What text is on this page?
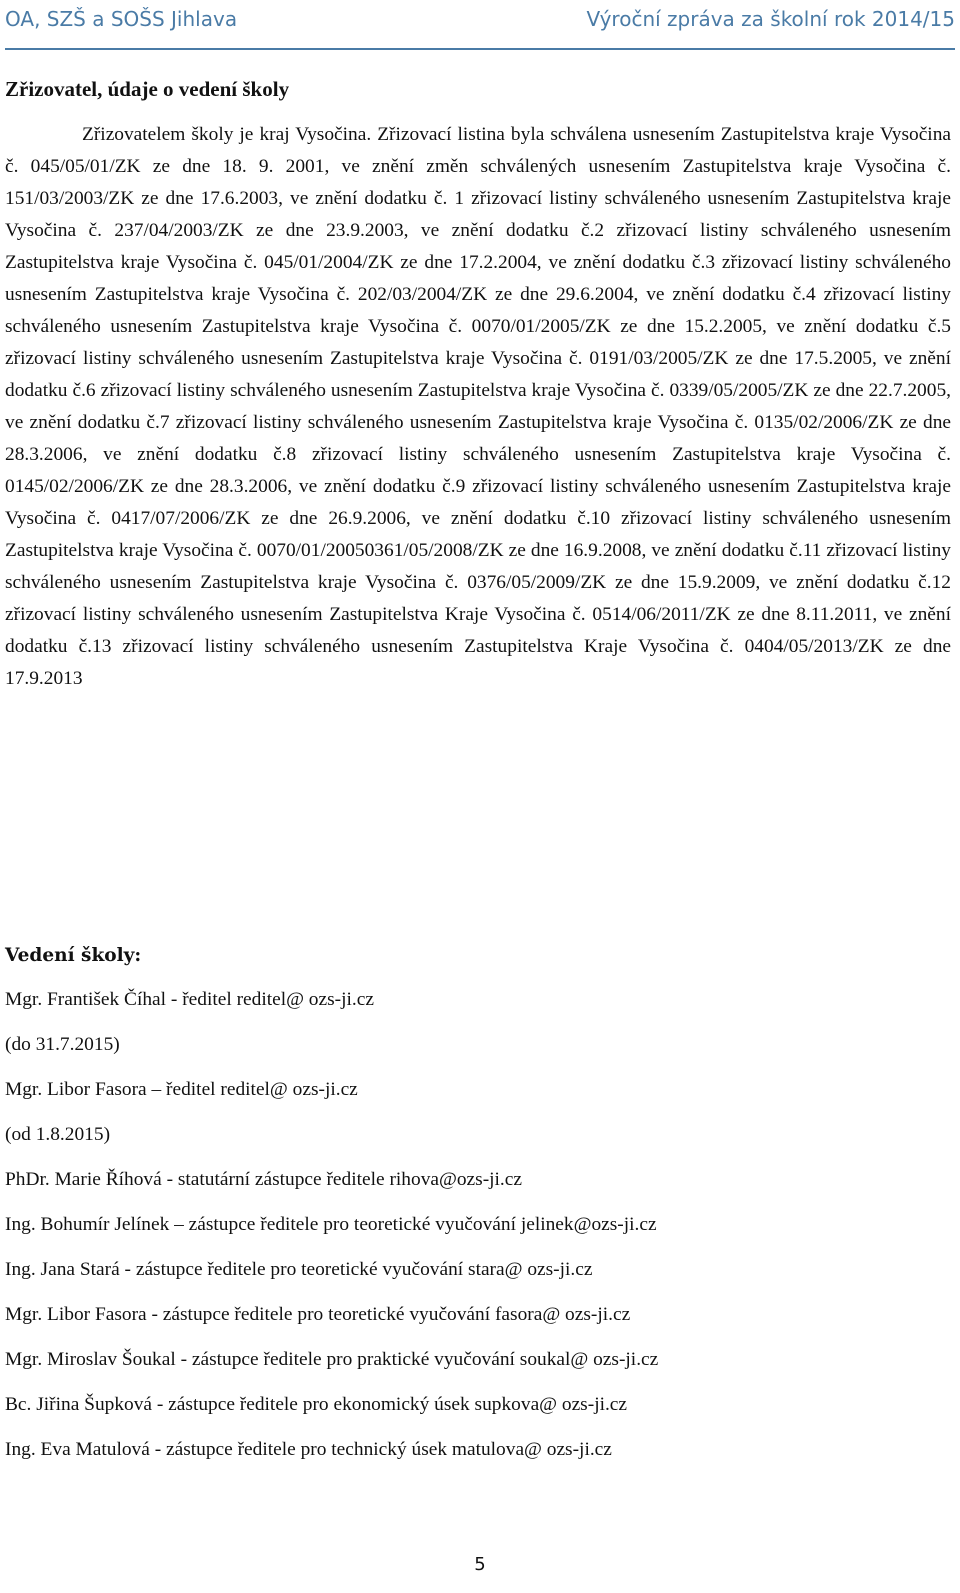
OA, SZŠ a SOŠS Jihlava	Výroční zpráva za školní rok 2014/15
Zřizovatel, údaje o vedení školy

Zřizovatelem školy je kraj Vysočina. Zřizovací listina byla schválena usnesením Zastupitelstva kraje Vysočina č. 045/05/01/ZK ze dne 18. 9. 2001, ve znění změn schválených usnesením Zastupitelstva kraje Vysočina č. 151/03/2003/ZK ze dne 17.6.2003, ve znění dodatku č. 1 zřizovací listiny schváleného usnesením Zastupitelstva kraje Vysočina č. 237/04/2003/ZK ze dne 23.9.2003, ve znění dodatku č.2 zřizovací listiny schváleného usnesením Zastupitelstva kraje Vysočina č. 045/01/2004/ZK ze dne 17.2.2004, ve znění dodatku č.3 zřizovací listiny schváleného usnesením Zastupitelstva kraje Vysočina č. 202/03/2004/ZK ze dne 29.6.2004, ve znění dodatku č.4 zřizovací listiny schváleného usnesením Zastupitelstva kraje Vysočina č. 0070/01/2005/ZK ze dne 15.2.2005, ve znění dodatku č.5 zřizovací listiny schváleného usnesením Zastupitelstva kraje Vysočina č. 0191/03/2005/ZK ze dne 17.5.2005, ve znění dodatku č.6 zřizovací listiny schváleného usnesením Zastupitelstva kraje Vysočina č. 0339/05/2005/ZK ze dne 22.7.2005, ve znění dodatku č.7 zřizovací listiny schváleného usnesením Zastupitelstva kraje Vysočina č. 0135/02/2006/ZK ze dne 28.3.2006, ve znění dodatku č.8 zřizovací listiny schváleného usnesením Zastupitelstva kraje Vysočina č. 0145/02/2006/ZK ze dne 28.3.2006, ve znění dodatku č.9 zřizovací listiny schváleného usnesením Zastupitelstva kraje Vysočina č. 0417/07/2006/ZK ze dne 26.9.2006, ve znění dodatku č.10 zřizovací listiny schváleného usnesením Zastupitelstva kraje Vysočina č. 0070/01/20050361/05/2008/ZK ze dne 16.9.2008, ve znění dodatku č.11 zřizovací listiny schváleného usnesením Zastupitelstva kraje Vysočina č. 0376/05/2009/ZK ze dne 15.9.2009, ve znění dodatku č.12 zřizovací listiny schváleného usnesením Zastupitelstva Kraje Vysočina č. 0514/06/2011/ZK ze dne 8.11.2011, ve znění dodatku č.13 zřizovací listiny schváleného usnesením Zastupitelstva Kraje Vysočina č. 0404/05/2013/ZK ze dne 17.9.2013

Vedení školy:
Mgr. František Číhal - ředitel reditel@ ozs-ji.cz
(do 31.7.2015)
Mgr. Libor Fasora – ředitel reditel@ ozs-ji.cz
(od 1.8.2015)
PhDr. Marie Říhová - statutární zástupce ředitele rihova@ozs-ji.cz
Ing. Bohumír Jelínek – zástupce ředitele pro teoretické vyučování jelinek@ozs-ji.cz
Ing. Jana Stará - zástupce ředitele pro teoretické vyučování stara@ ozs-ji.cz
Mgr. Libor Fasora - zástupce ředitele pro teoretické vyučování fasora@ ozs-ji.cz
Mgr. Miroslav Šoukal - zástupce ředitele pro praktické vyučování soukal@ ozs-ji.cz
Bc. Jiřina Šupková - zástupce ředitele pro ekonomický úsek supkova@ ozs-ji.cz
Ing. Eva Matulová - zástupce ředitele pro technický úsek matulova@ ozs-ji.cz
5
